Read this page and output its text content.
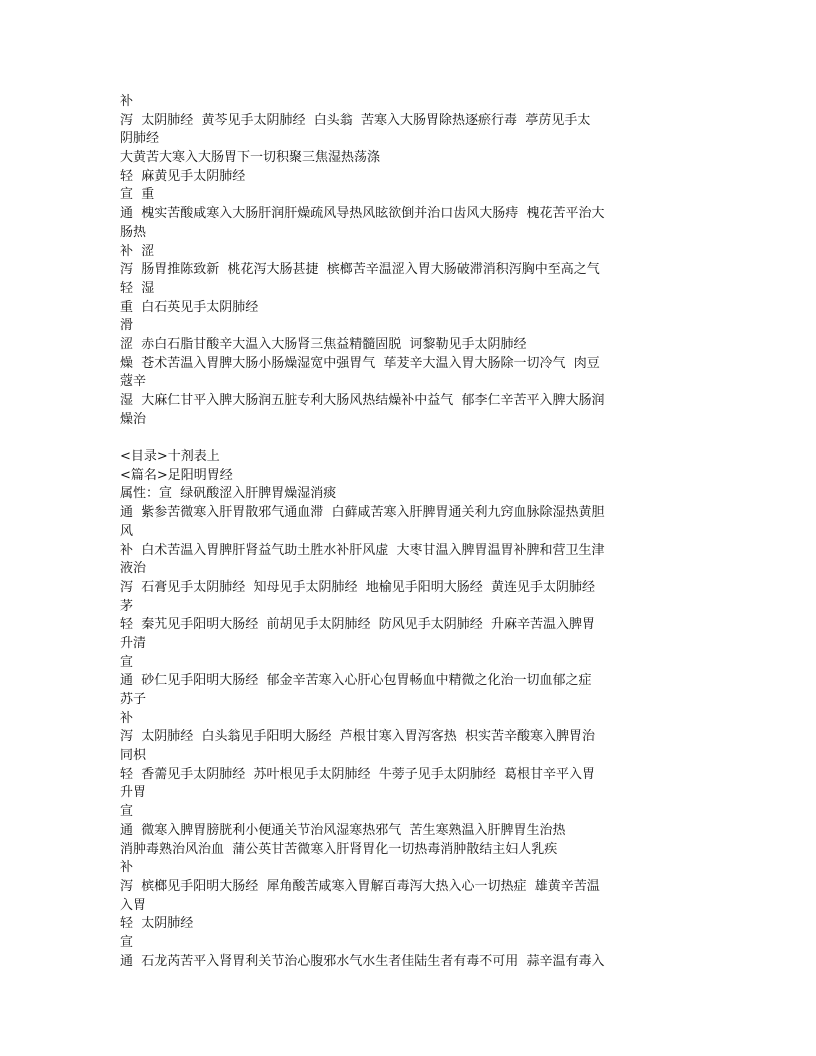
补
泻  太阴肺经  黄芩见手太阴肺经  白头翁  苦寒入大肠胃除热逐瘀行毒  葶苈见手太
阴肺经
大黄苦大寒入大肠胃下一切积聚三焦湿热荡涤
轻  麻黄见手太阴肺经
宣  重
通  槐实苦酸咸寒入大肠肝润肝燥疏风导热风眩欲倒并治口齿风大肠痔  槐花苦平治大
肠热
补  涩
泻  肠胃推陈致新  桃花泻大肠甚捷  槟榔苦辛温涩入胃大肠破滞消积泻胸中至高之气
轻  湿
重  白石英见手太阴肺经
滑
涩  赤白石脂甘酸辛大温入大肠肾三焦益精髓固脱  诃黎勒见手太阴肺经
燥  苍术苦温入胃脾大肠小肠燥湿宽中强胃气  荜茇辛大温入胃大肠除一切冷气  肉豆
蔻辛
湿  大麻仁甘平入脾大肠润五脏专利大肠风热结燥补中益气  郁李仁辛苦平入脾大肠润
燥治
<目录>十剂表上
<篇名>足阳明胃经
属性：宣  绿矾酸涩入肝脾胃燥湿消痰
通  紫参苦微寒入肝胃散邪气通血滞  白藓咸苦寒入肝脾胃通关利九窍血脉除湿热黄胆
风
补  白术苦温入胃脾肝肾益气助土胜水补肝风虚  大枣甘温入脾胃温胃补脾和营卫生津
液治
泻  石膏见手太阴肺经  知母见手太阴肺经  地榆见手阳明大肠经  黄连见手太阴肺经
茅
轻  秦艽见手阳明大肠经  前胡见手太阴肺经  防风见手太阴肺经  升麻辛苦温入脾胃
升清
宣
通  砂仁见手阳明大肠经  郁金辛苦寒入心肝心包胃畅血中精微之化治一切血郁之症
苏子
补
泻  太阴肺经  白头翁见手阳明大肠经  芦根甘寒入胃泻客热  枳实苦辛酸寒入脾胃治
同枳
轻  香薷见手太阴肺经  苏叶根见手太阴肺经  牛蒡子见手太阴肺经  葛根甘辛平入胃
升胃
宣
通  微寒入脾胃膀胱利小便通关节治风湿寒热邪气  苦生寒熟温入肝脾胃生治热
消肿毒熟治风治血  蒲公英甘苦微寒入肝肾胃化一切热毒消肿散结主妇人乳疾
补
泻  槟榔见手阳明大肠经  犀角酸苦咸寒入胃解百毒泻大热入心一切热症  雄黄辛苦温
入胃
轻  太阴肺经
宣
通  石龙芮苦平入肾胃利关节治心腹邪水气水生者佳陆生者有毒不可用  蒜辛温有毒入
